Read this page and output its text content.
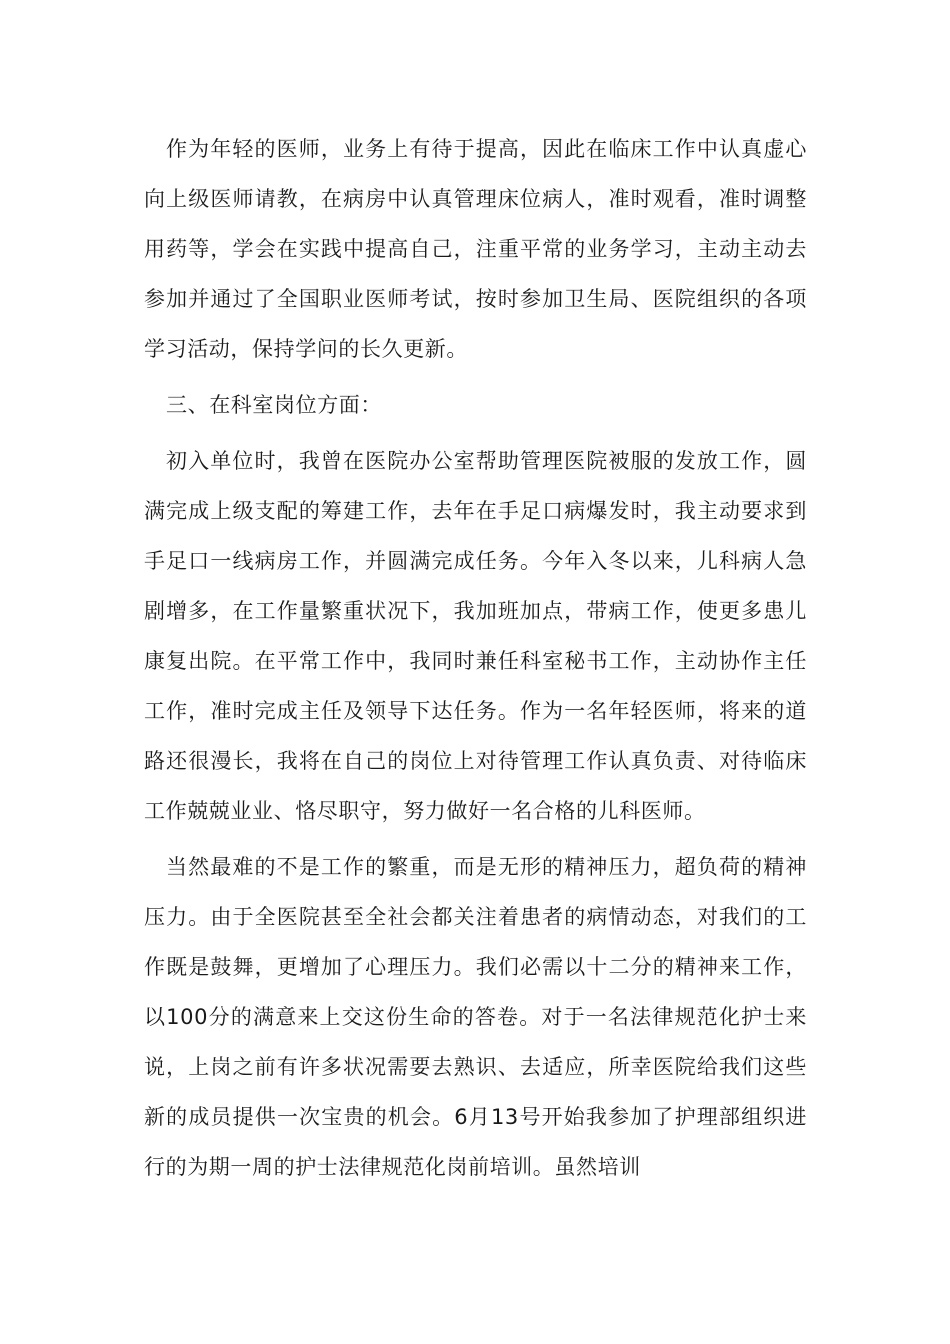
作为年轻的医师，业务上有待于提高，因此在临床工作中认真虚心向上级医师请教，在病房中认真管理床位病人，准时观看，准时调整用药等，学会在实践中提高自己，注重平常的业务学习，主动主动去参加并通过了全国职业医师考试，按时参加卫生局、医院组织的各项学习活动，保持学问的长久更新。

三、在科室岗位方面：

初入单位时，我曾在医院办公室帮助管理医院被服的发放工作，圆满完成上级支配的筹建工作，去年在手足口病爆发时，我主动要求到手足口一线病房工作，并圆满完成任务。今年入冬以来，儿科病人急剧增多，在工作量繁重状况下，我加班加点，带病工作，使更多患儿康复出院。在平常工作中，我同时兼任科室秘书工作，主动协作主任工作，准时完成主任及领导下达任务。作为一名年轻医师，将来的道路还很漫长，我将在自己的岗位上对待管理工作认真负责、对待临床工作兢兢业业、恪尽职守，努力做好一名合格的儿科医师。

当然最难的不是工作的繁重，而是无形的精神压力，超负荷的精神压力。由于全医院甚至全社会都关注着患者的病情动态，对我们的工作既是鼓舞，更增加了心理压力。我们必需以十二分的精神来工作，以100分的满意来上交这份生命的答卷。对于一名法律规范化护士来说，上岗之前有许多状况需要去熟识、去适应，所幸医院给我们这些新的成员提供一次宝贵的机会。6月13号开始我参加了护理部组织进行的为期一周的护士法律规范化岗前培训。虽然培训
